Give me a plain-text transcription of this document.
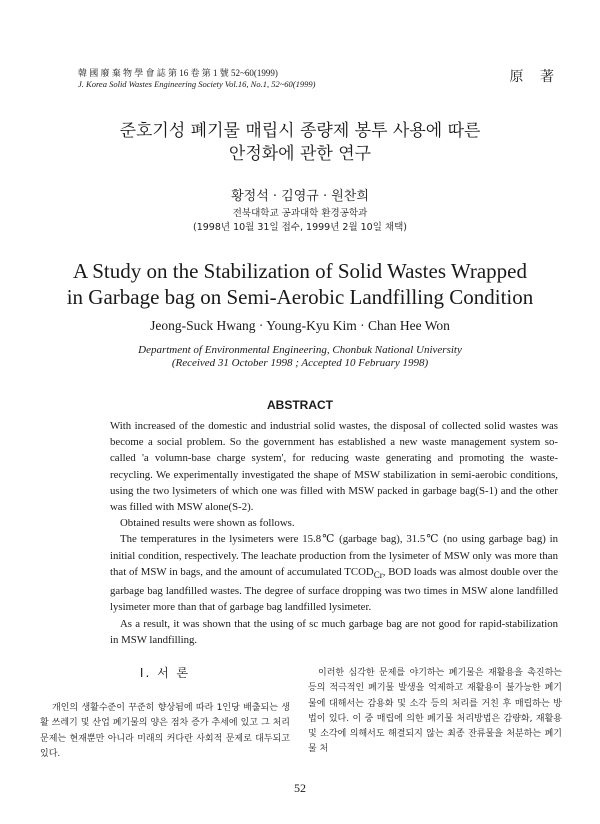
韓 國 廢 棄 物 學 會 誌 第 16 卷 第 1 號 52~60(1999)
J. Korea Solid Wastes Engineering Society Vol.16, No.1, 52~60(1999)	原 著
준호기성 폐기물 매립시 종량제 봉투 사용에 따른
안정화에 관한 연구
황정석 · 김영규 · 원찬희
전북대학교 공과대학 환경공학과
(1998년 10월 31일 접수, 1999년 2월 10일 채택)
A Study on the Stabilization of Solid Wastes Wrapped
in Garbage bag on Semi-Aerobic Landfilling Condition
Jeong-Suck Hwang · Young-Kyu Kim · Chan Hee Won
Department of Environmental Engineering, Chonbuk National University
(Received 31 October 1998 ; Accepted 10 February 1998)
ABSTRACT

With increased of the domestic and industrial solid wastes, the disposal of collected solid wastes was become a social problem. So the government has established a new waste management system so-called 'a volumn-base charge system', for reducing waste generating and promoting the waste-recycling. We experimentally investigated the shape of MSW stabilization in semi-aerobic conditions, using the two lysimeters of which one was filled with MSW packed in garbage bag(S-1) and the other was filled with MSW alone(S-2).

Obtained results were shown as follows.

The temperatures in the lysimeters were 15.8℃ (garbage bag), 31.5℃ (no using garbage bag) in initial condition, respectively. The leachate production from the lysimeter of MSW only was more than that of MSW in bags, and the amount of accumulated $TCOD_{Cr}$, BOD loads was almost double over the garbage bag landfilled wastes. The degree of surface dropping was two times in MSW alone landfilled lysimeter more than that of garbage bag landfilled lysimeter.

As a result, it was shown that the using of sc much garbage bag are not good for rapid-stabilization in MSW landfilling.

I. 서 론

개인의 생활수준이 꾸준히 향상됨에 따라 1인당 배출되는 생활 쓰레기 및 산업 폐기물의 양은 점차 증가 추세에 있고 그 처리 문제는 현재뿐만 아니라 미래의 커다란 사회적 문제로 대두되고 있다.

이러한 심각한 문제를 야기하는 폐기물은 재활용을 촉진하는 등의 적극적인 폐기물 발생을 억제하고 재활용이 불가능한 폐기물에 대해서는 감용화 및 소각 등의 처리를 거친 후 매립하는 방법이 있다. 이 중 매립에 의한 폐기물 처리방법은 감량화, 재활용 및 소각에 의해서도 해결되지 않는 최종 잔류물을 처분하는 폐기물 처

52
